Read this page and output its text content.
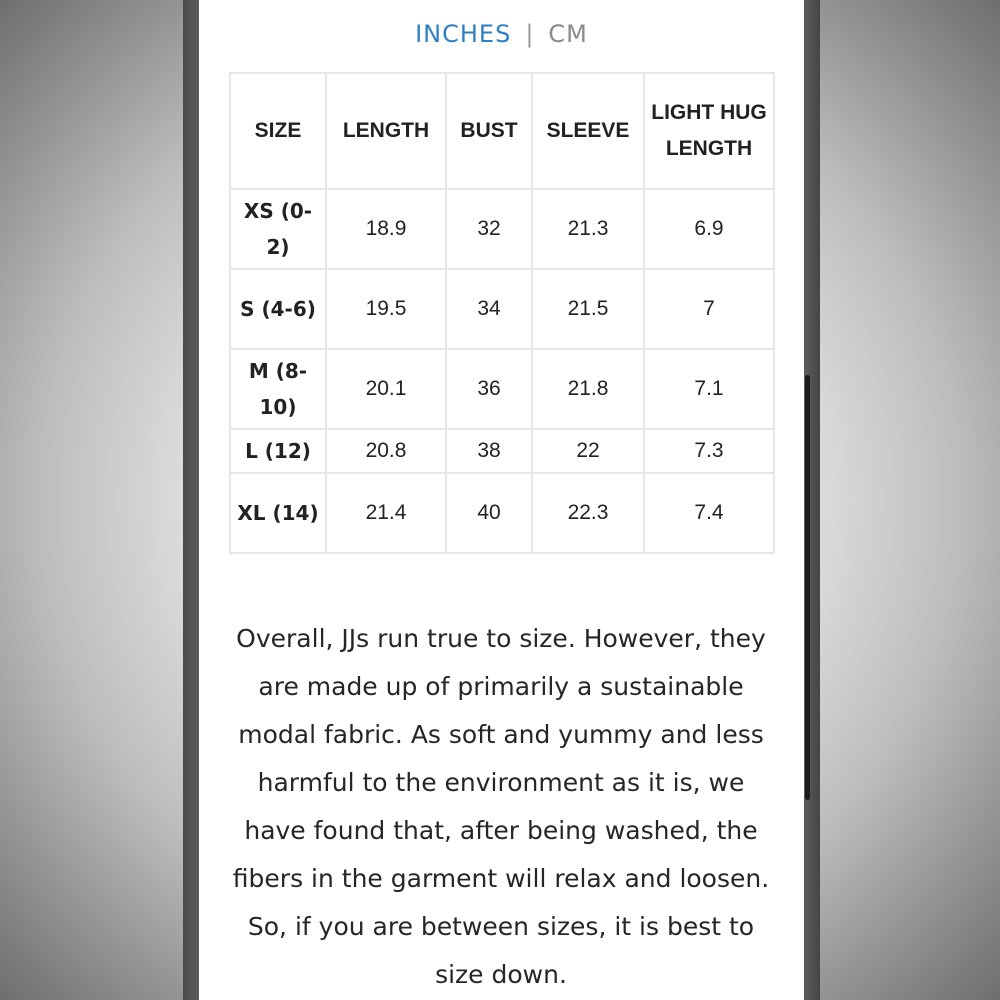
INCHES | CM
SIZE	LENGTH	BUST	SLEEVE	LIGHT HUG LENGTH
XS (0-2)	18.9	32	21.3	6.9
S (4-6)	19.5	34	21.5	7
M (8-10)	20.1	36	21.8	7.1
L (12)	20.8	38	22	7.3
XL (14)	21.4	40	22.3	7.4

Overall, JJs run true to size. However, they are made up of primarily a sustainable modal fabric. As soft and yummy and less harmful to the environment as it is, we have found that, after being washed, the fibers in the garment will relax and loosen. So, if you are between sizes, it is best to size down.
